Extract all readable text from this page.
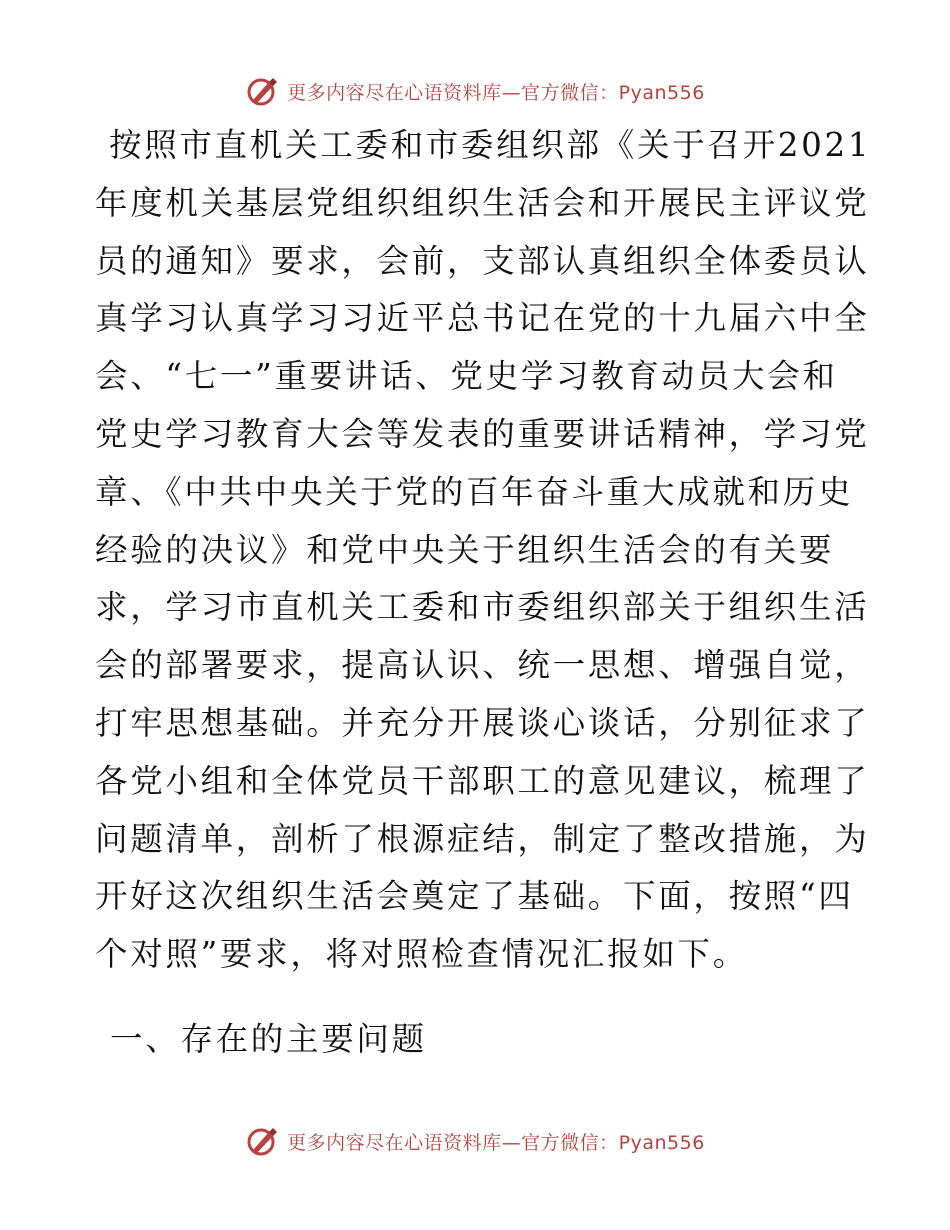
更多内容尽在心语资料库—官方微信：Pyan556
按照市直机关工委和市委组织部《关于召开2021
年度机关基层党组织组织生活会和开展民主评议党
员的通知》要求，会前，支部认真组织全体委员认
真学习认真学习习近平总书记在党的十九届六中全
会、“七一”重要讲话、党史学习教育动员大会和
党史学习教育大会等发表的重要讲话精神，学习党
章、《中共中央关于党的百年奋斗重大成就和历史
经验的决议》和党中央关于组织生活会的有关要
求，学习市直机关工委和市委组织部关于组织生活
会的部署要求，提高认识、统一思想、增强自觉，
打牢思想基础。并充分开展谈心谈话，分别征求了
各党小组和全体党员干部职工的意见建议，梳理了
问题清单，剖析了根源症结，制定了整改措施，为
开好这次组织生活会奠定了基础。下面，按照“四
个对照”要求，将对照检查情况汇报如下。
一、存在的主要问题
更多内容尽在心语资料库—官方微信：Pyan556
